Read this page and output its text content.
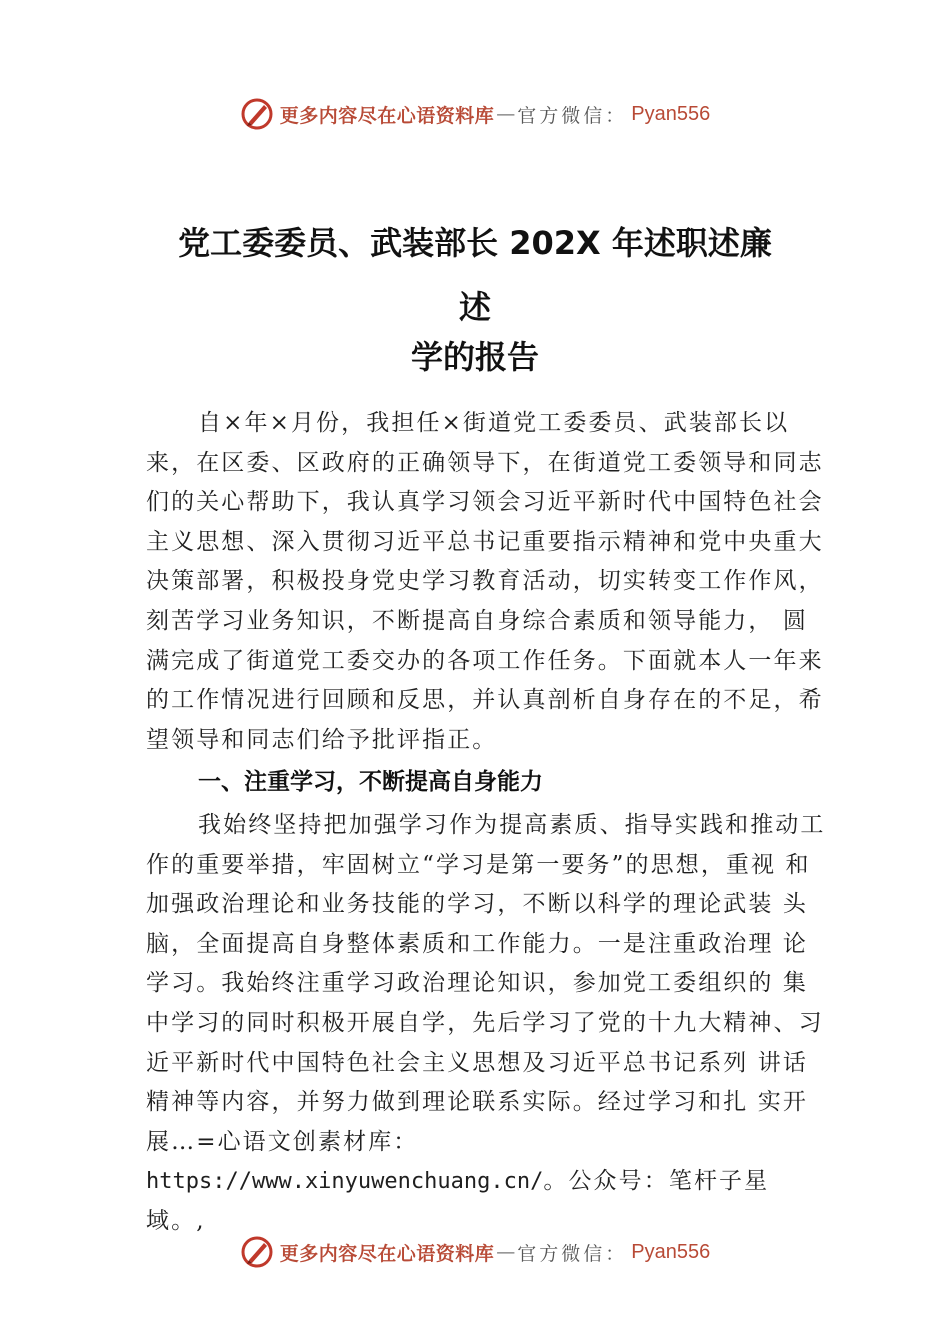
更多内容尽在心语资料库 — 官方微信： Pyan556
党工委委员、武装部长 202X 年述职述廉
述
学的报告

自×年×月份，我担任×街道党工委委员、武装部长以来，在区委、区政府的正确领导下，在街道党工委领导和同志们的关心帮助下，我认真学习领会习近平新时代中国特色社会主义思想、深入贯彻习近平总书记重要指示精神和党中央重大决策部署，积极投身党史学习教育活动，切实转变工作作风，刻苦学习业务知识，不断提高自身综合素质和领导能力， 圆满完成了街道党工委交办的各项工作任务。下面就本人一年来的工作情况进行回顾和反思，并认真剖析自身存在的不足，希望领导和同志们给予批评指正。

一、注重学习，不断提高自身能力

我始终坚持把加强学习作为提高素质、指导实践和推动工作的重要举措，牢固树立“学习是第一要务”的思想，重视 和加强政治理论和业务技能的学习，不断以科学的理论武装 头脑，全面提高自身整体素质和工作能力。一是注重政治理 论学习。我始终注重学习政治理论知识，参加党工委组织的 集中学习的同时积极开展自学，先后学习了党的十九大精神、习近平新时代中国特色社会主义思想及习近平总书记系列 讲话精神等内容，并努力做到理论联系实际。经过学习和扎 实开展…=心语文创素材库：https://www.xinyuwenchuang.cn/。公众号：笔杆子星域。,

更多内容尽在心语资料库 — 官方微信： Pyan556
